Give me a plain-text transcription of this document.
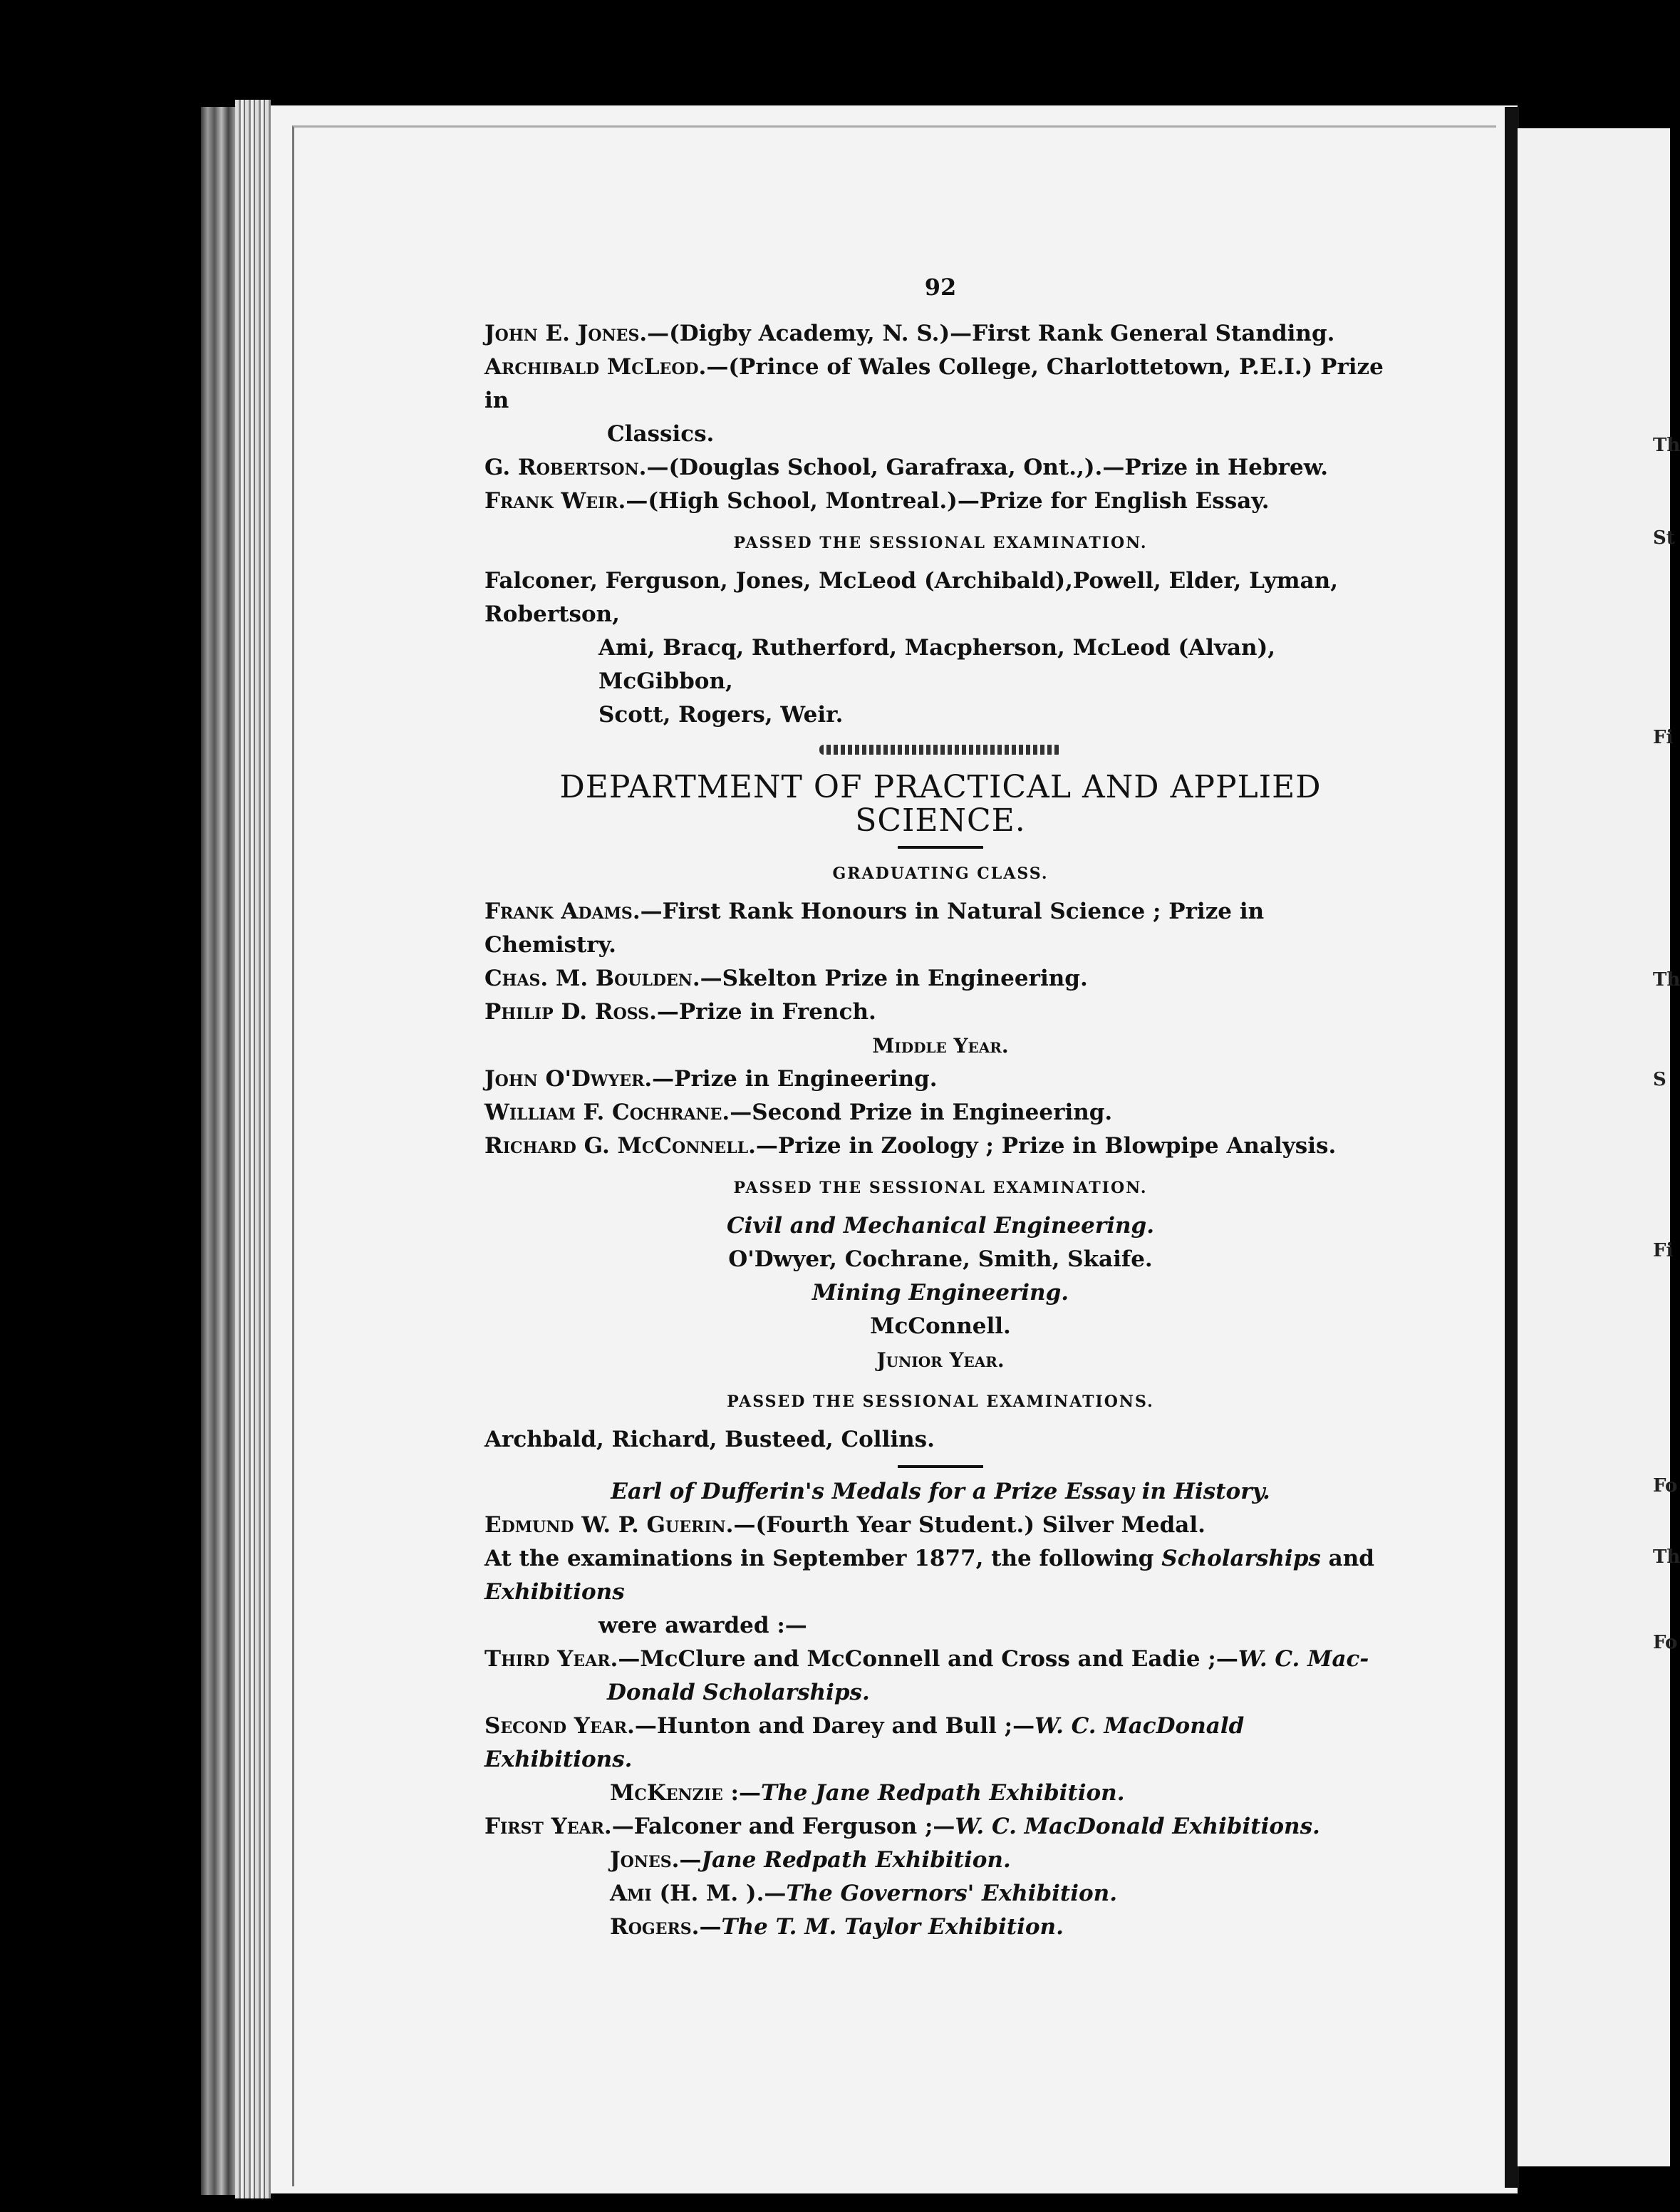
Th
St
Fi
Th
S
Fi
Fo
Th
Fo
92

John E. Jones.—(Digby Academy, N. S.)—First Rank General Standing.

Archibald McLeod.—(Prince of Wales College, Charlottetown, P.E.I.) Prize in

Classics.

G. Robertson.—(Douglas School, Garafraxa, Ont.,).—Prize in Hebrew.

Frank Weir.—(High School, Montreal.)—Prize for English Essay.

PASSED THE SESSIONAL EXAMINATION.

Falconer, Ferguson, Jones, McLeod (Archibald),Powell, Elder, Lyman, Robertson,

Ami, Bracq, Rutherford, Macpherson, McLeod (Alvan), McGibbon,

Scott, Rogers, Weir.

DEPARTMENT OF PRACTICAL AND APPLIED SCIENCE.
GRADUATING CLASS.

Frank Adams.—First Rank Honours in Natural Science ; Prize in Chemistry.

Chas. M. Boulden.—Skelton Prize in Engineering.

Philip D. Ross.—Prize in French.

Middle Year.

John O'Dwyer.—Prize in Engineering.

William F. Cochrane.—Second Prize in Engineering.

Richard G. McConnell.—Prize in Zoology ; Prize in Blowpipe Analysis.

PASSED THE SESSIONAL EXAMINATION.
Civil and Mechanical Engineering.
O'Dwyer, Cochrane, Smith, Skaife.
Mining Engineering.
McConnell.
Junior Year.
PASSED THE SESSIONAL EXAMINATIONS.

Archbald, Richard, Busteed, Collins.

Earl of Dufferin's Medals for a Prize Essay in History.

Edmund W. P. Guerin.—(Fourth Year Student.) Silver Medal.

At the examinations in September 1877, the following Scholarships and Exhibitions

were awarded :—

Third Year.—McClure and McConnell and Cross and Eadie ;—W. C. Mac-

Donald Scholarships.

Second Year.—Hunton and Darey and Bull ;—W. C. MacDonald Exhibitions.

McKenzie :—The Jane Redpath Exhibition.

First Year.—Falconer and Ferguson ;—W. C. MacDonald Exhibitions.

Jones.—Jane Redpath Exhibition.

Ami (H. M. ).—The Governors' Exhibition.

Rogers.—The T. M. Taylor Exhibition.
